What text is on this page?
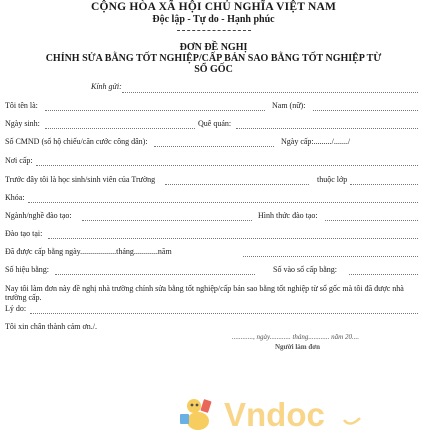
CỘNG HÒA XÃ HỘI CHỦ NGHĨA VIỆT NAM
Độc lập - Tự do - Hạnh phúc
ĐƠN ĐỀ NGHỊ
CHỈNH SỬA BẰNG TỐT NGHIỆP/CẤP BẢN SAO BẰNG TỐT NGHIỆP TỪ
SỔ GỐC
Kính gửi:
Tôi tên là:	Nam (nữ):
Ngày sinh:	Quê quán:
Số CMND (số hộ chiếu/căn cước công dân):	Ngày cấp:........./......./
Nơi cấp:
Trước đây tôi là học sinh/sinh viên của Trường	thuộc lớp
Khóa:
Ngành/nghề đào tạo:	Hình thức đào tạo:
Đào tạo tại:
Đã được cấp bằng ngày..................tháng............năm
Số hiệu bằng:	Số vào sổ cấp bằng:
Nay tôi làm đơn này đề nghị nhà trường chỉnh sửa bằng tốt nghiệp/cấp bản sao bằng tốt nghiệp từ sổ gốc mà tôi đã được nhà trường cấp.
Lý do:
Tôi xin chân thành cảm ơn./.
............, ngày............ tháng............ năm 20....
Người làm đơn
Vndoc
